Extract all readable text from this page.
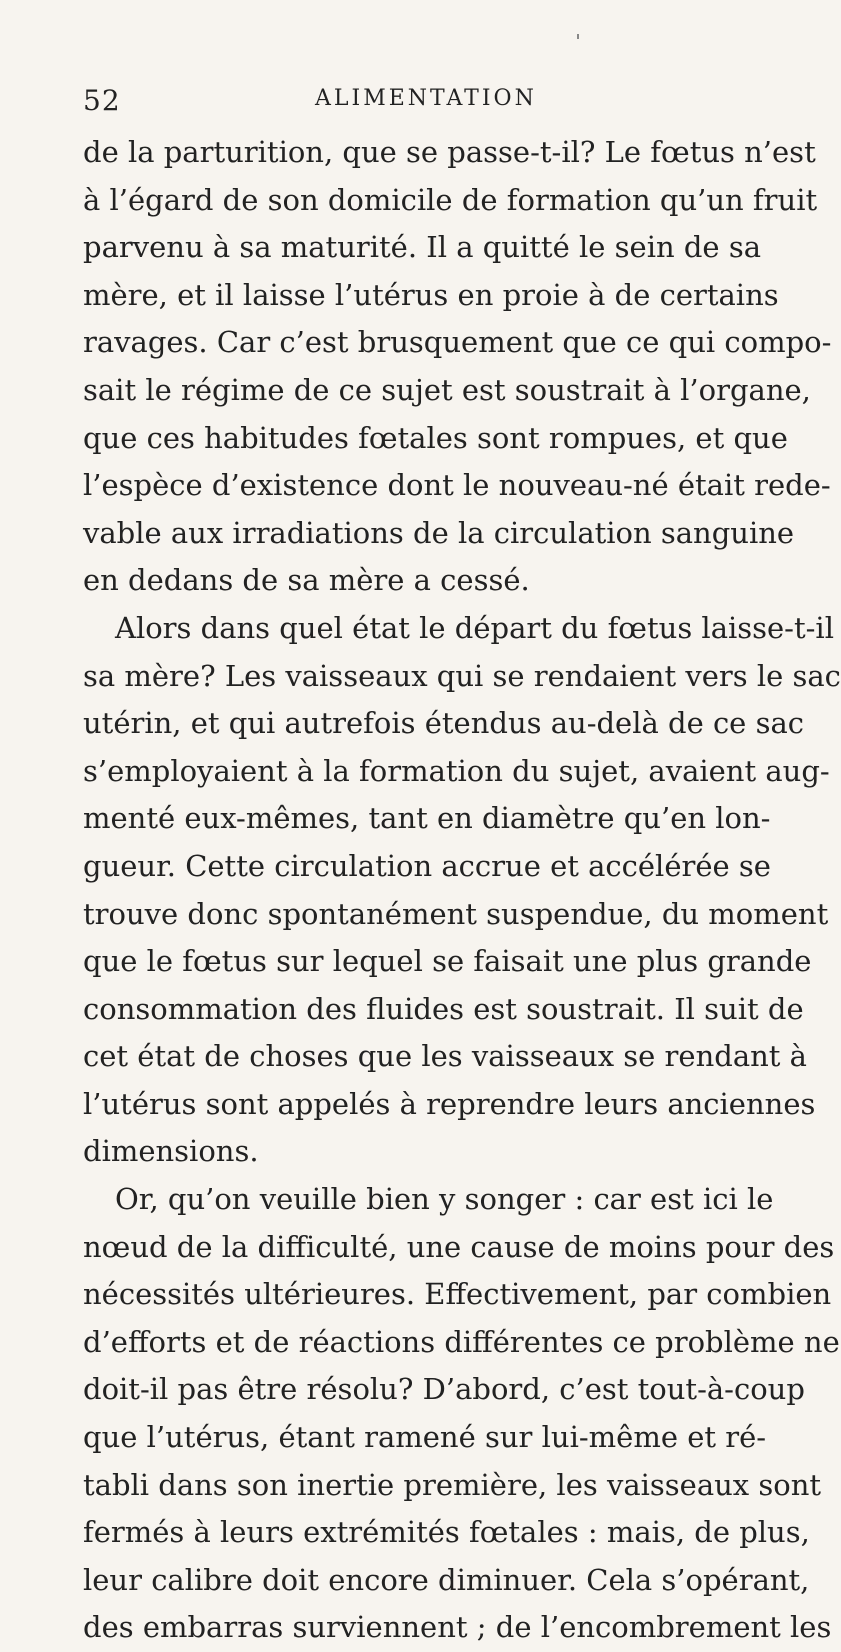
52	ALIMENTATION
de la parturition, que se passe-t-il? Le fœtus n’est
à l’égard de son domicile de formation qu’un fruit
parvenu à sa maturité. Il a quitté le sein de sa
mère, et il laisse l’utérus en proie à de certains
ravages. Car c’est brusquement que ce qui compo-
sait le régime de ce sujet est soustrait à l’organe,
que ces habitudes fœtales sont rompues, et que
l’espèce d’existence dont le nouveau-né était rede-
vable aux irradiations de la circulation sanguine
en dedans de sa mère a cessé.
Alors dans quel état le départ du fœtus laisse-t-il
sa mère? Les vaisseaux qui se rendaient vers le sac
utérin, et qui autrefois étendus au-delà de ce sac
s’employaient à la formation du sujet, avaient aug-
menté eux-mêmes, tant en diamètre qu’en lon-
gueur. Cette circulation accrue et accélérée se
trouve donc spontanément suspendue, du moment
que le fœtus sur lequel se faisait une plus grande
consommation des fluides est soustrait. Il suit de
cet état de choses que les vaisseaux se rendant à
l’utérus sont appelés à reprendre leurs anciennes
dimensions.
Or, qu’on veuille bien y songer : car est ici le
nœud de la difficulté, une cause de moins pour des
nécessités ultérieures. Effectivement, par combien
d’efforts et de réactions différentes ce problème ne
doit-il pas être résolu? D’abord, c’est tout-à-coup
que l’utérus, étant ramené sur lui-même et ré-
tabli dans son inertie première, les vaisseaux sont
fermés à leurs extrémités fœtales : mais, de plus,
leur calibre doit encore diminuer. Cela s’opérant,
des embarras surviennent ; de l’encombrement les
